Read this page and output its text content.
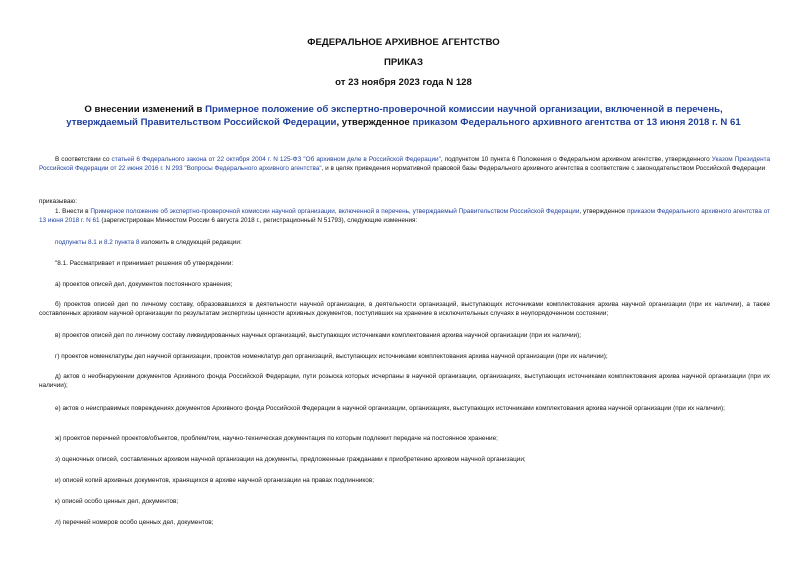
ФЕДЕРАЛЬНОЕ АРХИВНОЕ АГЕНТСТВО
ПРИКАЗ
от 23 ноября 2023 года N 128
О внесении изменений в Примерное положение об экспертно-проверочной комиссии научной организации, включенной в перечень, утверждаемый Правительством Российской Федерации, утвержденное приказом Федерального архивного агентства от 13 июня 2018 г. N 61
В соответствии со статьей 6 Федерального закона от 22 октября 2004 г. N 125-ФЗ "Об архивном деле в Российской Федерации", подпунктом 10 пункта 6 Положения о Федеральном архивном агентстве, утвержденного Указом Президента Российской Федерации от 22 июня 2016 г. N 293 "Вопросы Федерального архивного агентства", и в целях приведения нормативной правовой базы Федерального архивного агентства в соответствие с законодательством Российской Федерации
приказываю:
1. Внести в Примерное положение об экспертно-проверочной комиссии научной организации, включенной в перечень, утверждаемый Правительством Российской Федерации, утвержденное приказом Федерального архивного агентства от 13 июня 2018 г. N 61 (зарегистрирован Минюстом России 6 августа 2018 г., регистрационный N 51793), следующие изменения:
подпункты 8.1 и 8.2 пункта 8 изложить в следующей редакции:
"8.1. Рассматривает и принимает решения об утверждении:
а) проектов описей дел, документов постоянного хранения;
б) проектов описей дел по личному составу, образовавшихся в деятельности научной организации, в деятельности организаций, выступающих источниками комплектования архива научной организации (при их наличии), а также составленных архивом научной организации по результатам экспертизы ценности архивных документов, поступивших на хранение в исключительных случаях в неупорядоченном состоянии;
в) проектов описей дел по личному составу ликвидированных научных организаций, выступающих источниками комплектования архива научной организации (при их наличии);
г) проектов номенклатуры дел научной организации, проектов номенклатур дел организаций, выступающих источниками комплектования архива научной организации (при их наличии);
д) актов о необнаружении документов Архивного фонда Российской Федерации, пути розыска которых исчерпаны в научной организации, организациях, выступающих источниками комплектования архива научной организации (при их наличии);
е) актов о неисправимых повреждениях документов Архивного фонда Российской Федерации в научной организации, организациях, выступающих источниками комплектования архива научной организации (при их наличии);
ж) проектов перечней проектов/объектов, проблем/тем, научно-техническая документация по которым подлежит передаче на постоянное хранение;
з) оценочных описей, составленных архивом научной организации на документы, предложенные гражданами к приобретению архивом научной организации;
и) описей копий архивных документов, хранящихся в архиве научной организации на правах подлинников;
к) описей особо ценных дел, документов;
л) перечней номеров особо ценных дел, документов;
